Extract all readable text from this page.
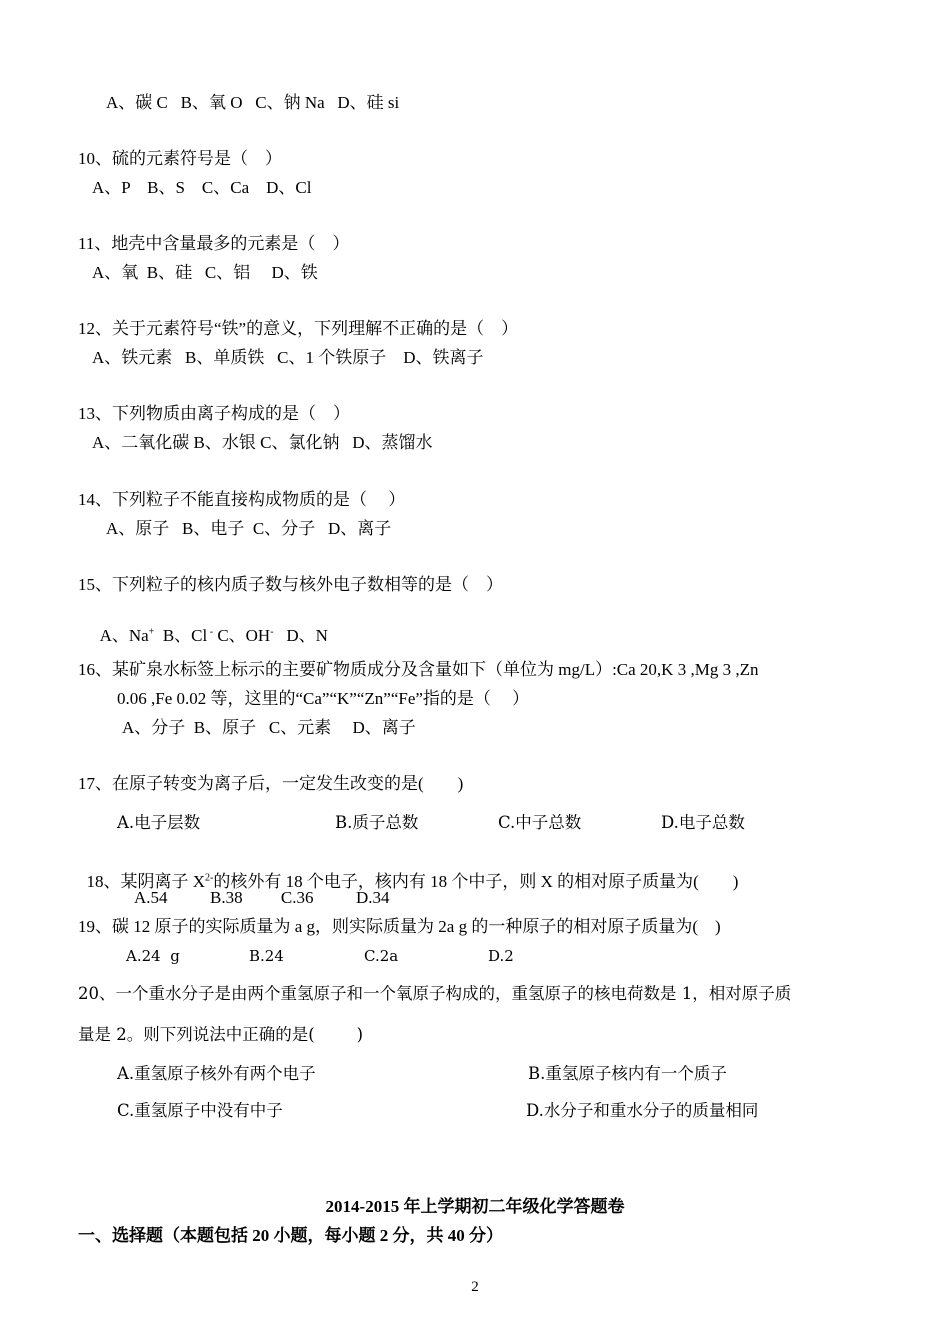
A、碳 C   B、氧 O   C、钠 Na   D、硅 si
10、硫的元素符号是（    ）
A、P    B、S    C、Ca    D、Cl
11、地壳中含量最多的元素是（    ）
A、氧  B、硅   C、铝     D、铁
12、关于元素符号“铁”的意义，下列理解不正确的是（    ）
A、铁元素   B、单质铁   C、1 个铁原子    D、铁离子
13、下列物质由离子构成的是（    ）
A、二氧化碳 B、水银 C、氯化钠   D、蒸馏水
14、下列粒子不能直接构成物质的是（     ）
A、原子   B、电子  C、分子   D、离子
15、下列粒子的核内质子数与核外电子数相等的是（    ）

A、Na+  B、Cl - C、OH-   D、N

16、某矿泉水标签上标示的主要矿物质成分及含量如下（单位为 mg/L）:Ca 20,K 3 ,Mg 3 ,Zn
0.06 ,Fe 0.02 等，这里的“Ca”“K”“Zn”“Fe”指的是（     ）
A、分子  B、原子   C、元素     D、离子
17、在原子转变为离子后，一定发生改变的是(        )
A.电子层数	B.质子总数	C.中子总数	D.电子总数

18、某阴离子 $X^{2-}$的核外有 18 个电子，核内有 18 个中子，则 X 的相对原子质量为(        )

A.54          B.38         C.36          D.34
19、碳 12 原子的实际质量为 a g，则实际质量为 2a g 的一种原子的相对原子质量为(    )
A.24  g	B.24	C.2a	D.2
20、一个重水分子是由两个重氢原子和一个氧原子构成的，重氢原子的核电荷数是 1，相对原子质
量是 2。则下列说法中正确的是(        )
A.重氢原子核外有两个电子	B.重氢原子核内有一个质子
C.重氢原子中没有中子	D.水分子和重水分子的质量相同
2014-2015 年上学期初二年级化学答题卷
一、选择题（本题包括 20 小题，每小题 2 分，共 40 分）
2
